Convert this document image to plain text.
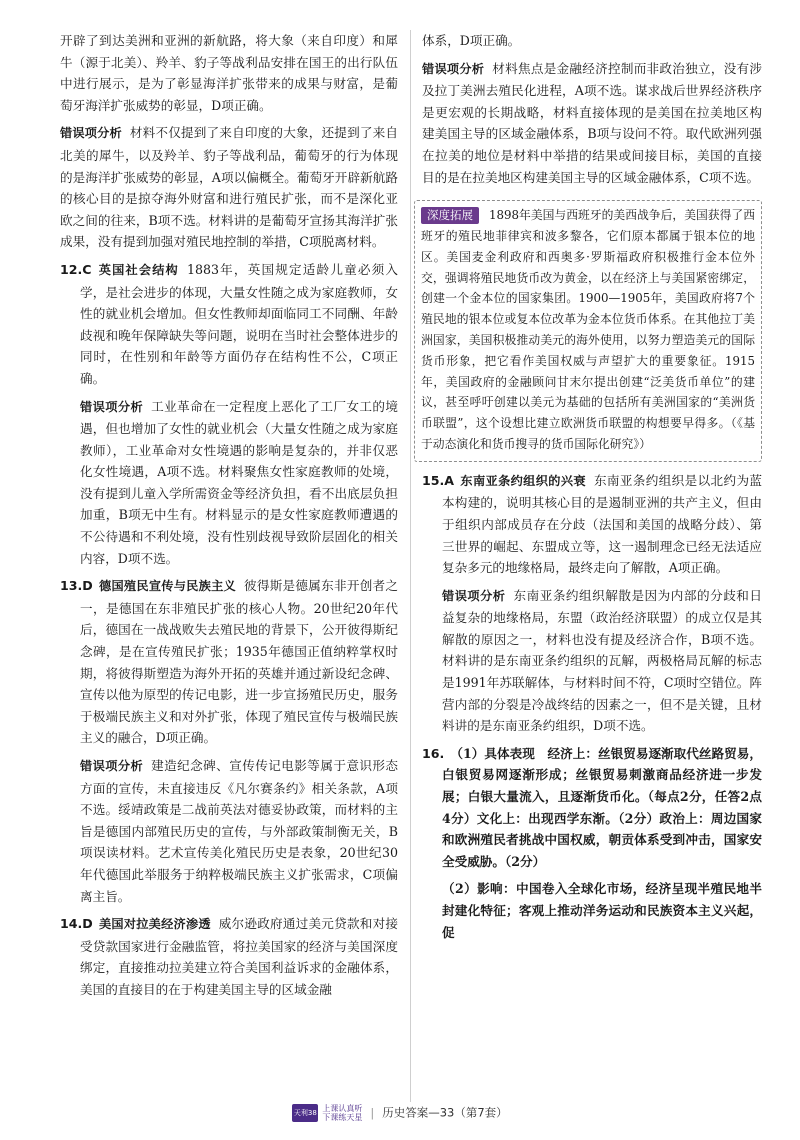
开辟了到达美洲和亚洲的新航路，将大象（来自印度）和犀牛（源于北美）、羚羊、豹子等战利品安排在国王的出行队伍中进行展示，是为了彰显海洋扩张带来的成果与财富，是葡萄牙海洋扩张威势的彰显，D项正确。

错误项分析 材料不仅提到了来自印度的大象，还提到了来自北美的犀牛，以及羚羊、豹子等战利品，葡萄牙的行为体现的是海洋扩张威势的彰显，A项以偏概全。葡萄牙开辟新航路的核心目的是掠夺海外财富和进行殖民扩张，而不是深化亚欧之间的往来，B项不选。材料讲的是葡萄牙宣扬其海洋扩张成果，没有提到加强对殖民地控制的举措，C项脱离材料。

12.C 英国社会结构 1883年，英国规定适龄儿童必须入学，是社会进步的体现，大量女性随之成为家庭教师，女性的就业机会增加。但女性教师却面临同工不同酬、年龄歧视和晚年保障缺失等问题，说明在当时社会整体进步的同时，在性别和年龄等方面仍存在结构性不公，C项正确。

错误项分析 工业革命在一定程度上恶化了工厂女工的境遇，但也增加了女性的就业机会（大量女性随之成为家庭教师），工业革命对女性境遇的影响是复杂的，并非仅恶化女性境遇，A项不选。材料聚焦女性家庭教师的处境，没有提到儿童入学所需资金等经济负担，看不出底层负担加重，B项无中生有。材料显示的是女性家庭教师遭遇的不公待遇和不利处境，没有性别歧视导致阶层固化的相关内容，D项不选。

13.D 德国殖民宣传与民族主义 彼得斯是德属东非开创者之一，是德国在东非殖民扩张的核心人物。20世纪20年代后，德国在一战战败失去殖民地的背景下，公开彼得斯纪念碑，是在宣传殖民扩张；1935年德国正值纳粹掌权时期，将彼得斯塑造为海外开拓的英雄并通过新设纪念碑、宣传以他为原型的传记电影，进一步宣扬殖民历史，服务于极端民族主义和对外扩张，体现了殖民宣传与极端民族主义的融合，D项正确。

错误项分析 建造纪念碑、宣传传记电影等属于意识形态方面的宣传，未直接违反《凡尔赛条约》相关条款，A项不选。绥靖政策是二战前英法对德妥协政策，而材料的主旨是德国内部殖民历史的宣传，与外部政策制衡无关，B项误读材料。艺术宣传美化殖民历史是表象，20世纪30年代德国此举服务于纳粹极端民族主义扩张需求，C项偏离主旨。

14.D 美国对拉美经济渗透 威尔逊政府通过美元贷款和对接受贷款国家进行金融监管，将拉美国家的经济与美国深度绑定，直接推动拉美建立符合美国利益诉求的金融体系，美国的直接目的在于构建美国主导的区域金融

体系，D项正确。

错误项分析 材料焦点是金融经济控制而非政治独立，没有涉及拉丁美洲去殖民化进程，A项不选。谋求战后世界经济秩序是更宏观的长期战略，材料直接体现的是美国在拉美地区构建美国主导的区域金融体系，B项与设问不符。取代欧洲列强在拉美的地位是材料中举措的结果或间接目标，美国的直接目的是在拉美地区构建美国主导的区域金融体系，C项不选。

深度拓展 1898年美国与西班牙的美西战争后，美国获得了西班牙的殖民地菲律宾和波多黎各，它们原本都属于银本位的地区。美国麦金利政府和西奥多·罗斯福政府积极推行金本位外交，强调将殖民地货币改为黄金，以在经济上与美国紧密绑定，创建一个金本位的国家集团。1900—1905年，美国政府将7个殖民地的银本位或复本位改革为金本位货币体系。在其他拉丁美洲国家，美国积极推动美元的海外使用，以努力塑造美元的国际货币形象，把它看作美国权威与声望扩大的重要象征。1915年，美国政府的金融顾问甘末尔提出创建“泛美货币单位”的建议，甚至呼吁创建以美元为基础的包括所有美洲国家的“美洲货币联盟”，这个设想比建立欧洲货币联盟的构想要早得多。（《基于动态演化和货币搜寻的货币国际化研究》）

15.A 东南亚条约组织的兴衰 东南亚条约组织是以北约为蓝本构建的，说明其核心目的是遏制亚洲的共产主义，但由于组织内部成员存在分歧（法国和美国的战略分歧）、第三世界的崛起、东盟成立等，这一遏制理念已经无法适应复杂多元的地缘格局，最终走向了解散，A项正确。

错误项分析 东南亚条约组织解散是因为内部的分歧和日益复杂的地缘格局，东盟（政治经济联盟）的成立仅是其解散的原因之一，材料也没有提及经济合作，B项不选。材料讲的是东南亚条约组织的瓦解，两极格局瓦解的标志是1991年苏联解体，与材料时间不符，C项时空错位。阵营内部的分裂是冷战终结的因素之一，但不是关键，且材料讲的是东南亚条约组织，D项不选。

16. （1）具体表现　经济上：丝银贸易逐渐取代丝路贸易，白银贸易网逐渐形成；丝银贸易刺激商品经济进一步发展；白银大量流入，且逐渐货币化。（每点2分，任答2点4分）文化上：出现西学东渐。（2分）政治上：周边国家和欧洲殖民者挑战中国权威，朝贡体系受到冲击，国家安全受威胁。（2分）

（2）影响：中国卷入全球化市场，经济呈现半殖民地半封建化特征；客观上推动洋务运动和民族资本主义兴起，促

天利38套上课认真听
下课练天星 | 历史答案—33（第7套）
